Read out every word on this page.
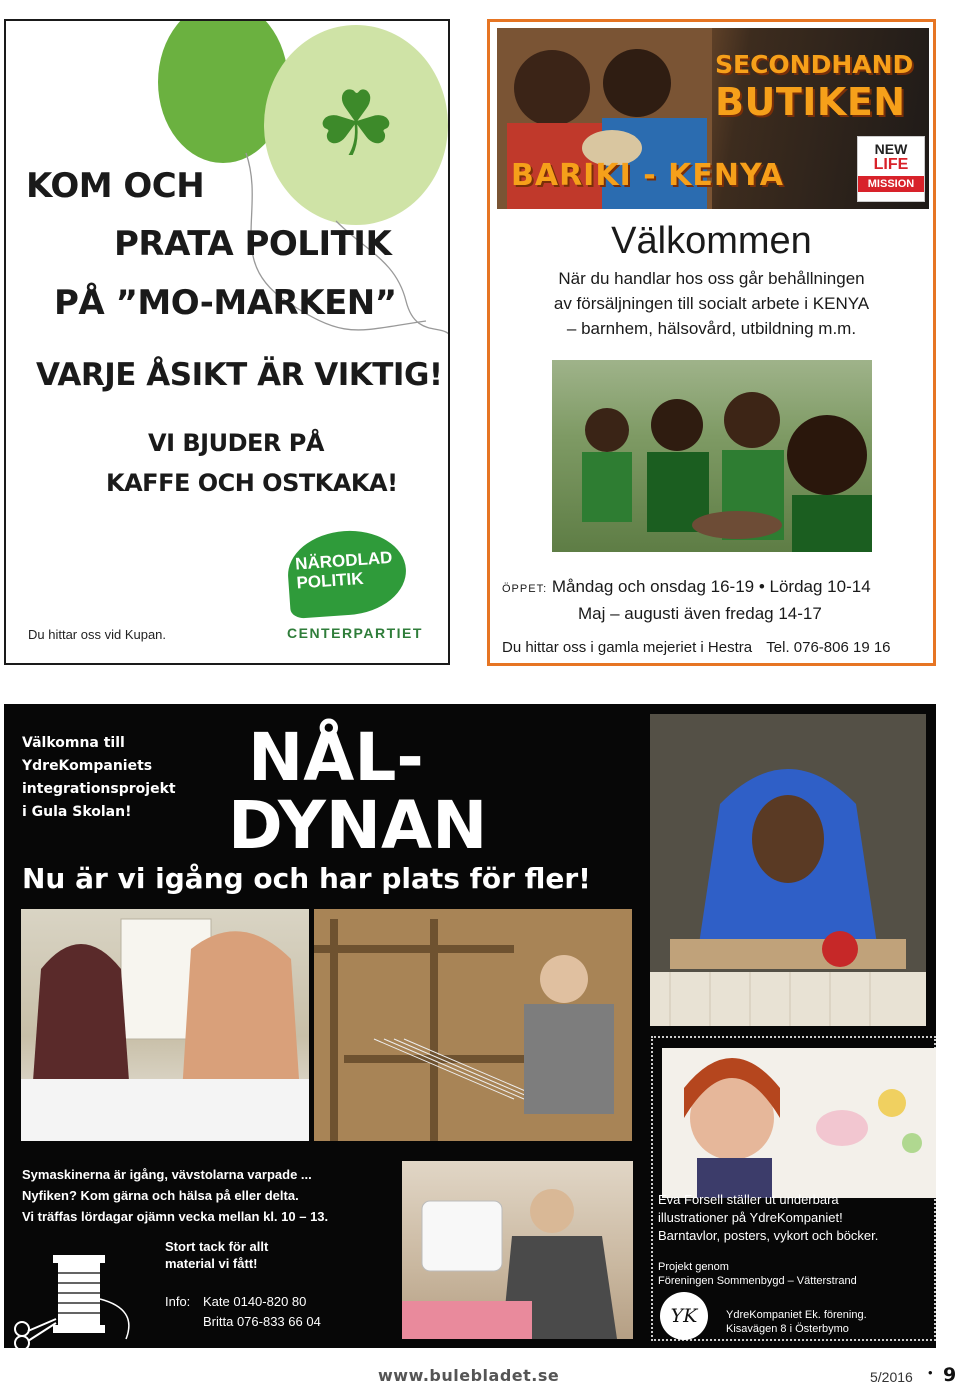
☘
KOM OCH
PRATA POLITIK
PÅ ”MO-MARKEN”
VARJE ÅSIKT ÄR VIKTIG!
VI BJUDER PÅ
KAFFE OCH OSTKAKA!
Du hittar oss vid Kupan.
NÄRODLAD
POLITIK
CENTERPARTIET
SECONDHAND
BUTIKEN
BARIKI - KENYA
NEW
LIFE
MISSION
Välkommen
När du handlar hos oss går behållningen
av försäljningen till socialt arbete i KENYA
– barnhem, hälsovård, utbildning m.m.
ÖPPET: Måndag och onsdag 16-19 • Lördag 10-14
Maj – augusti även fredag 14-17
Du hittar oss i gamla mejeriet i Hestra Tel. 076-806 19 16
Välkomna till
YdreKompaniets
integrationsprojekt
i Gula Skolan!
NÅL-
DYNAN
Nu är vi igång och har plats för fler!
Symaskinerna är igång, vävstolarna varpade ...
Nyfiken? Kom gärna och hälsa på eller delta.
Vi träffas lördagar ojämn vecka mellan kl. 10 – 13.
Stort tack för allt
material vi fått!
Info: Kate 0140-820 80
Britta 076-833 66 04
Eva Forsell ställer ut underbara
illustrationer på YdreKompaniet!
Barntavlor, posters, vykort och böcker.
Projekt genom
Föreningen Sommenbygd – Vätterstrand
YK	YdreKompaniet Ek. förening.
Kisavägen 8 i Österbymo
www.bulebladet.se	5/2016 • 9
